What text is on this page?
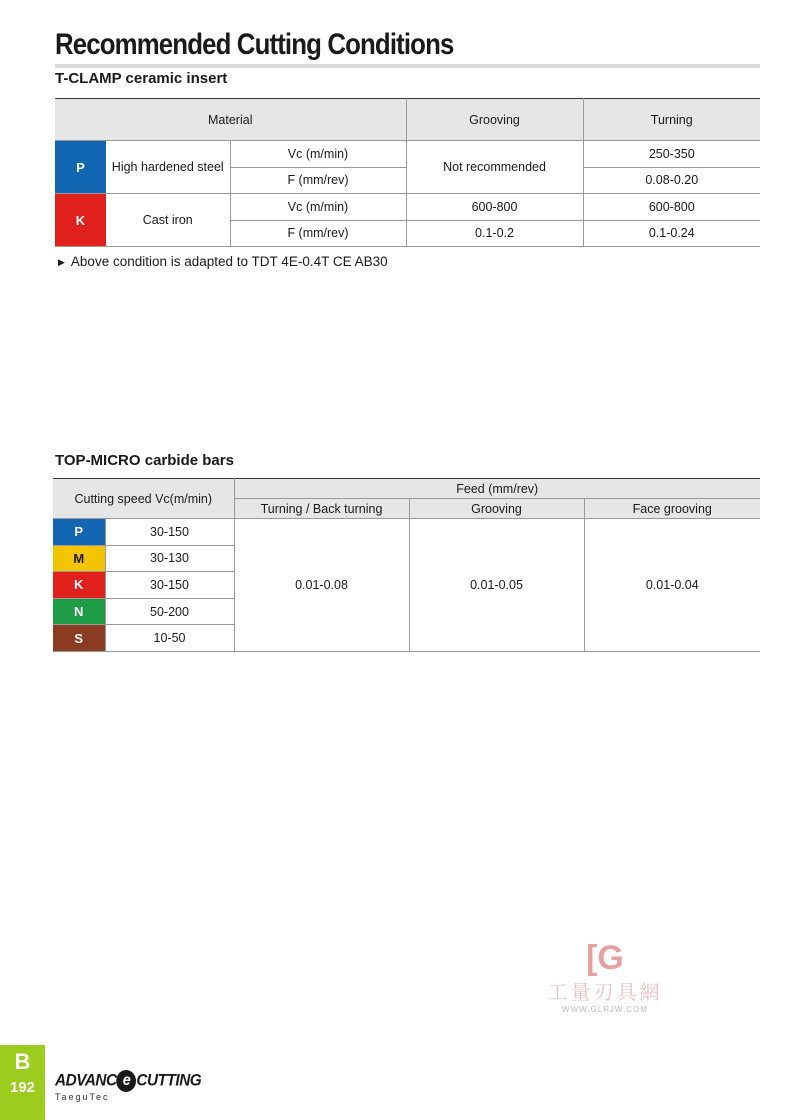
Recommended Cutting Conditions
T-CLAMP ceramic insert
Material			Grooving	Turning
P	High hardened steel	Vc (m/min)	Not recommended	250-350
		F (mm/rev)		0.08-0.20
K	Cast iron	Vc (m/min)	600-800	600-800
		F (mm/rev)	0.1-0.2	0.1-0.24
▶ Above condition is adapted to TDT 4E-0.4T CE AB30
TOP-MICRO carbide bars
Cutting speed Vc(m/min)		Feed (mm/rev)		
		Turning / Back turning	Grooving	Face grooving
P	30-150	0.01-0.08	0.01-0.05	0.01-0.04
M	30-130			
K	30-150			
N	50-200			
S	10-50			
[G
工量刃具網
WWW.GLRJW.COM
B
192	ADVANC e CUTTING
TaeguTec
